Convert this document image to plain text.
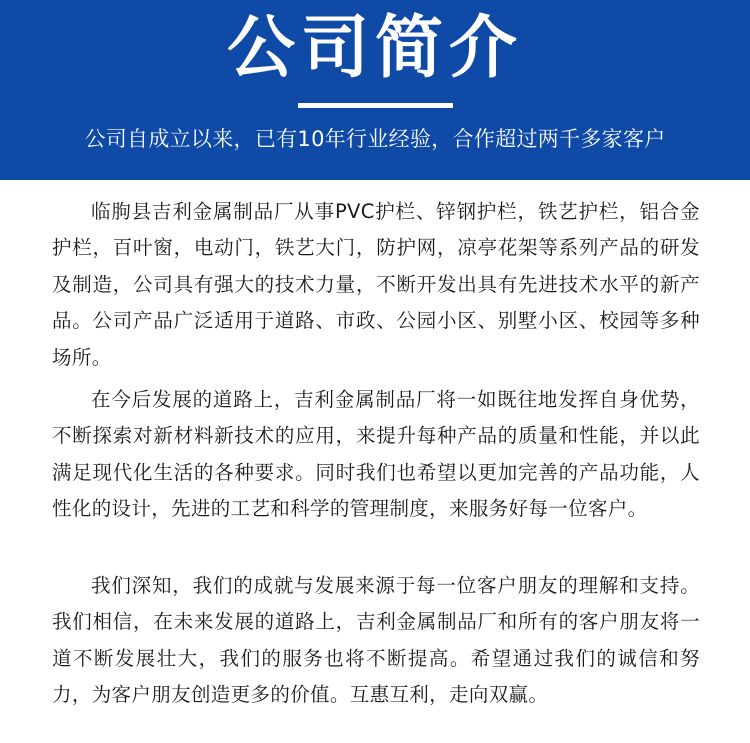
公司简介
公司自成立以来，已有10年行业经验，合作超过两千多家客户

临朐县吉利金属制品厂从事PVC护栏、锌钢护栏，铁艺护栏，铝合金护栏，百叶窗，电动门，铁艺大门，防护网，凉亭花架等系列产品的研发及制造，公司具有强大的技术力量，不断开发出具有先进技术水平的新产品。公司产品广泛适用于道路、市政、公园小区、别墅小区、校园等多种场所。

在今后发展的道路上，吉利金属制品厂将一如既往地发挥自身优势，不断探索对新材料新技术的应用，来提升每种产品的质量和性能，并以此满足现代化生活的各种要求。同时我们也希望以更加完善的产品功能，人性化的设计，先进的工艺和科学的管理制度，来服务好每一位客户。

我们深知，我们的成就与发展来源于每一位客户朋友的理解和支持。我们相信，在未来发展的道路上，吉利金属制品厂和所有的客户朋友将一道不断发展壮大，我们的服务也将不断提高。希望通过我们的诚信和努力，为客户朋友创造更多的价值。互惠互利，走向双赢。
